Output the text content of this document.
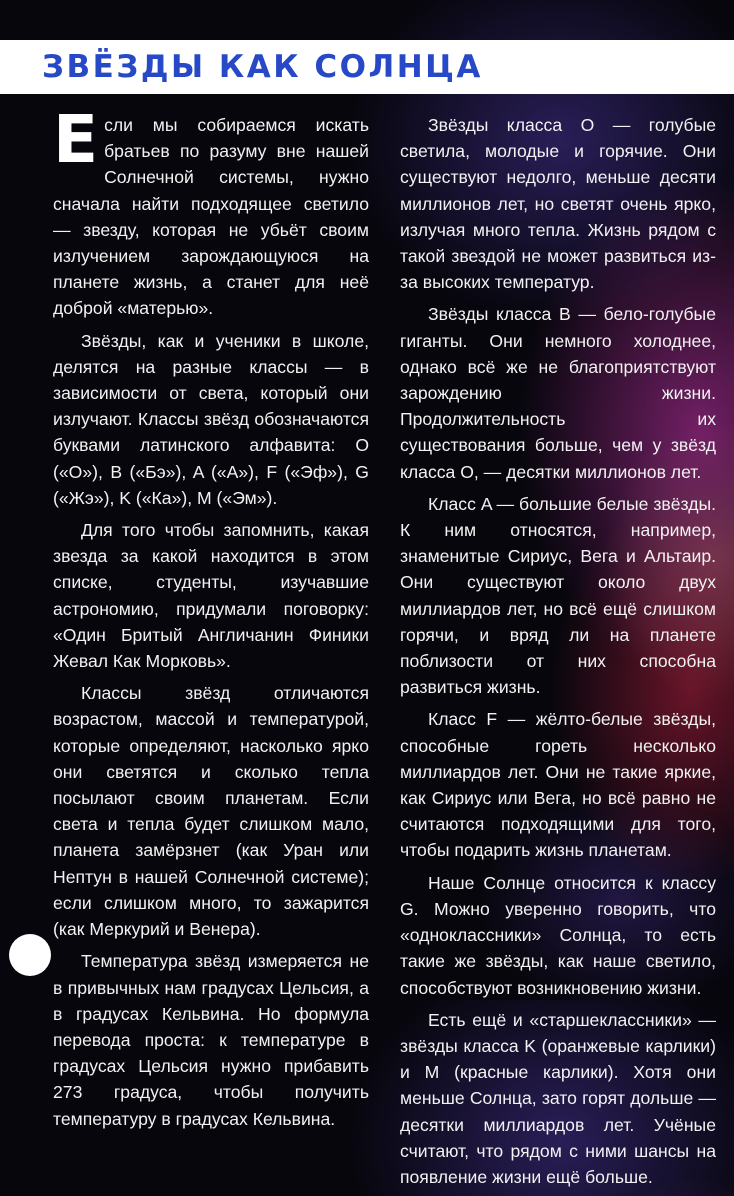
ЗВЁЗДЫ КАК СОЛНЦА

Если мы собираемся искать братьев по разуму вне нашей Солнечной системы, нужно сначала найти подходящее светило — звезду, которая не убьёт своим излучением зарождающуюся на планете жизнь, а станет для неё доброй «матерью».

Звёзды, как и ученики в школе, делятся на разные классы — в зависимости от света, который они излучают. Классы звёзд обозначаются буквами латинского алфавита: O («О»), B («Бэ»), A («А»), F («Эф»), G («Жэ»), K («Ка»), M («Эм»).

Для того чтобы запомнить, какая звезда за какой находится в этом списке, студенты, изучавшие астрономию, придумали поговорку: «Один Бритый Англичанин Финики Жевал Как Морковь».

Классы звёзд отличаются возрастом, массой и температурой, которые определяют, насколько ярко они светятся и сколько тепла посылают своим планетам. Если света и тепла будет слишком мало, планета замёрзнет (как Уран или Нептун в нашей Солнечной системе); если слишком много, то зажарится (как Меркурий и Венера).

Температура звёзд измеряется не в привычных нам градусах Цельсия, а в градусах Кельвина. Но формула перевода проста: к температуре в градусах Цельсия нужно прибавить 273 градуса, чтобы получить температуру в градусах Кельвина.

Звёзды класса O — голубые светила, молодые и горячие. Они существуют недолго, меньше десяти миллионов лет, но светят очень ярко, излучая много тепла. Жизнь рядом с такой звездой не может развиться из-за высоких температур.

Звёзды класса B — бело-голубые гиганты. Они немного холоднее, однако всё же не благоприятствуют зарождению жизни. Продолжительность их существования больше, чем у звёзд класса O, — десятки миллионов лет.

Класс A — большие белые звёзды. К ним относятся, например, знаменитые Сириус, Вега и Альтаир. Они существуют около двух миллиардов лет, но всё ещё слишком горячи, и вряд ли на планете поблизости от них способна развиться жизнь.

Класс F — жёлто-белые звёзды, способные гореть несколько миллиардов лет. Они не такие яркие, как Сириус или Вега, но всё равно не считаются подходящими для того, чтобы подарить жизнь планетам.

Наше Солнце относится к классу G. Можно уверенно говорить, что «одноклассники» Солнца, то есть такие же звёзды, как наше светило, способствуют возникновению жизни.

Есть ещё и «старшеклассники» — звёзды класса K (оранжевые карлики) и M (красные карлики). Хотя они меньше Солнца, зато горят дольше — десятки миллиардов лет. Учёные считают, что рядом с ними шансы на появление жизни ещё больше.
